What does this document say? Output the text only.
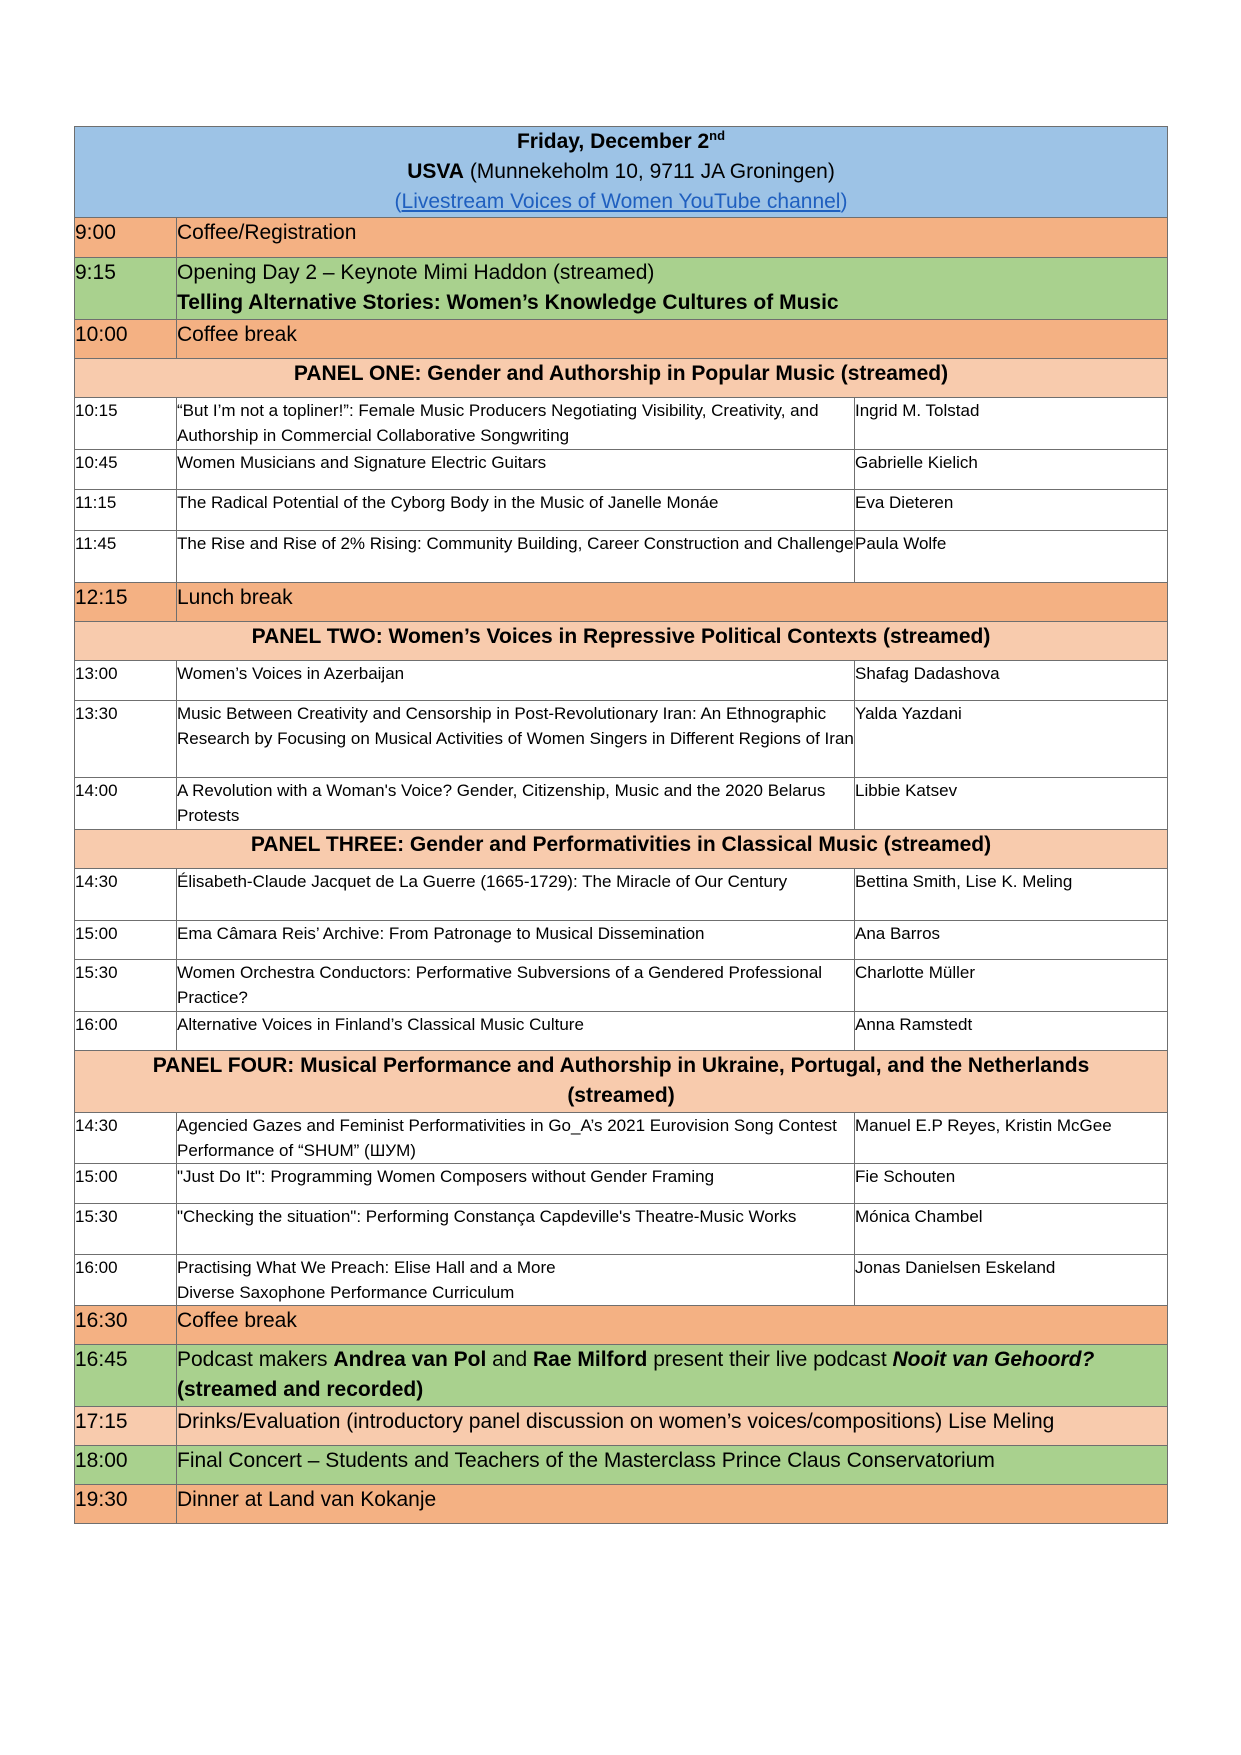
Friday, December 2nd
USVA (Munnekeholm 10, 9711 JA Groningen)
(Livestream Voices of Women YouTube channel)		

9:00	Coffee/Registration	
9:15	Opening Day 2 – Keynote Mimi Haddon (streamed)
Telling Alternative Stories: Women’s Knowledge Cultures of Music	

10:00	Coffee break	
PANEL ONE: Gender and Authorship in Popular Music (streamed)		
10:15	“But I’m not a topliner!”: Female Music Producers Negotiating Visibility, Creativity, and Authorship in Commercial Collaborative Songwriting	Ingrid M. Tolstad
10:45	Women Musicians and Signature Electric Guitars	Gabrielle Kielich
11:15	The Radical Potential of the Cyborg Body in the Music of Janelle Monáe	Eva Dieteren
11:45	The Rise and Rise of 2% Rising: Community Building, Career Construction and Challenge	Paula Wolfe
12:15	Lunch break	
PANEL TWO: Women’s Voices in Repressive Political Contexts (streamed)		
13:00	Women’s Voices in Azerbaijan	Shafag Dadashova
13:30	Music Between Creativity and Censorship in Post-Revolutionary Iran: An Ethnographic Research by Focusing on Musical Activities of Women Singers in Different Regions of Iran	Yalda Yazdani
14:00	A Revolution with a Woman's Voice? Gender, Citizenship, Music and the 2020 Belarus Protests	Libbie Katsev
PANEL THREE: Gender and Performativities in Classical Music (streamed)		
14:30	Élisabeth-Claude Jacquet de La Guerre (1665-1729): The Miracle of Our Century	Bettina Smith, Lise K. Meling
15:00	Ema Câmara Reis’ Archive: From Patronage to Musical Dissemination	Ana Barros
15:30	Women Orchestra Conductors: Performative Subversions of a Gendered Professional Practice?	Charlotte Müller
16:00	Alternative Voices in Finland’s Classical Music Culture	Anna Ramstedt

PANEL FOUR: Musical Performance and Authorship in Ukraine, Portugal, and the Netherlands
(streamed)		

14:30	Agencied Gazes and Feminist Performativities in Go_A’s 2021 Eurovision Song Contest Performance of “SHUM” (ШУМ)	Manuel E.P Reyes, Kristin McGee
15:00	"Just Do It": Programming Women Composers without Gender Framing	Fie Schouten
15:30	"Checking the situation": Performing Constança Capdeville's Theatre-Music Works	Mónica Chambel
16:00	Practising What We Preach: Elise Hall and a More
Diverse Saxophone Performance Curriculum	Jonas Danielsen Eskeland
16:30	Coffee break	
16:45	Podcast makers Andrea van Pol and Rae Milford present their live podcast Nooit van Gehoord? (streamed and recorded)	
17:15	Drinks/Evaluation (introductory panel discussion on women’s voices/compositions) Lise Meling	
18:00	Final Concert – Students and Teachers of the Masterclass Prince Claus Conservatorium	
19:30	Dinner at Land van Kokanje	
